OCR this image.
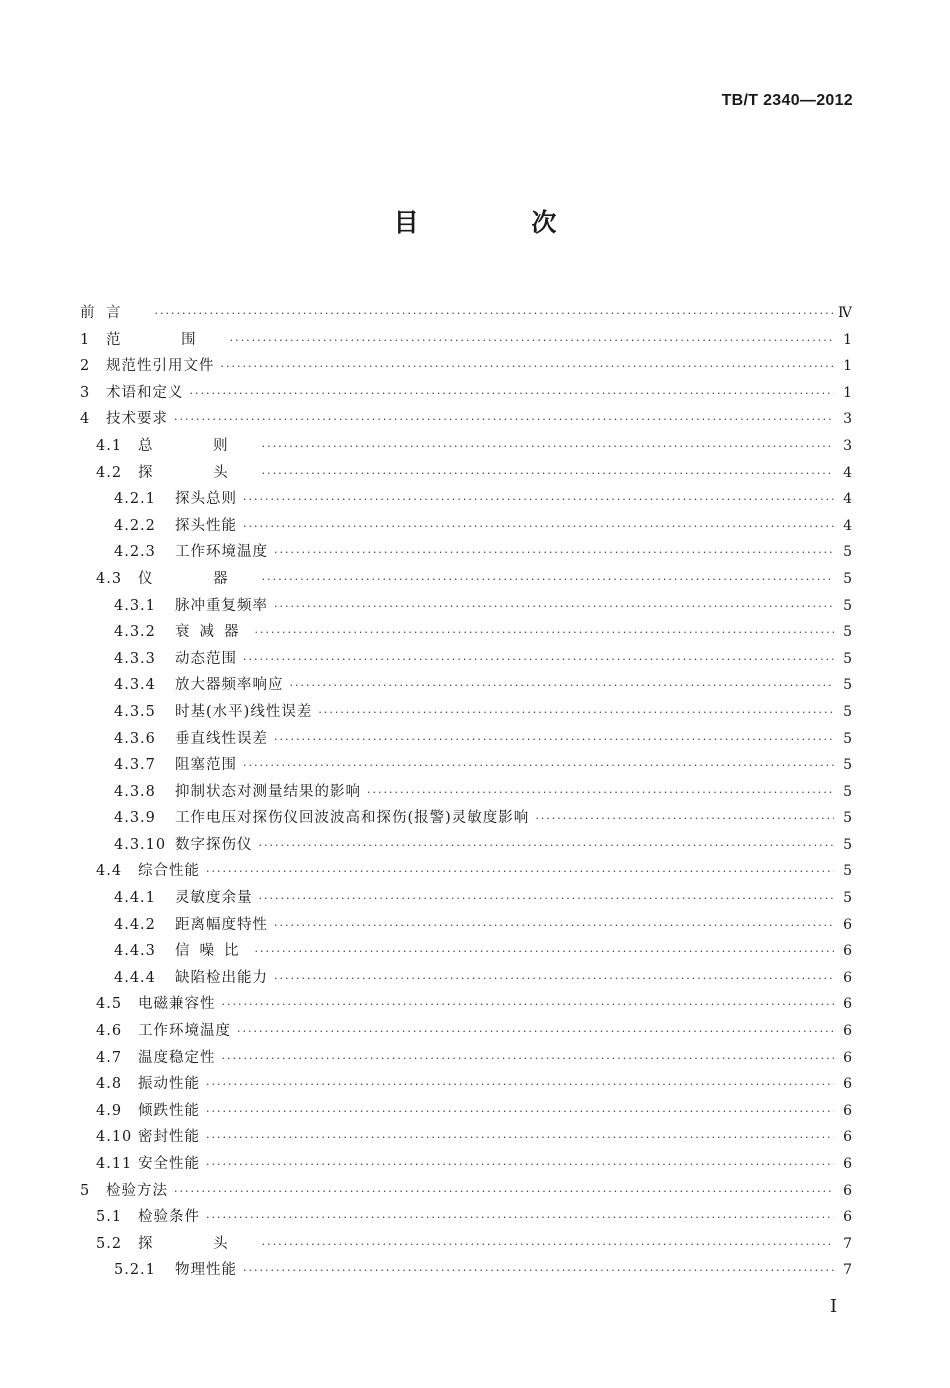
TB/T 2340—2012
目 次
前 言 ·····	Ⅳ
1	范 围 ·····	1
2	规范性引用文件 ·····	1
3	术语和定义 ·····	1
4	技术要求 ·····	3
4.1	总 则 ·····	3
4.2	探 头 ·····	4
4.2.1	探头总则 ·····	4
4.2.2	探头性能 ·····	4
4.2.3	工作环境温度 ·····	5
4.3	仪 器 ·····	5
4.3.1	脉冲重复频率 ·····	5
4.3.2	衰减器 ·····	5
4.3.3	动态范围 ·····	5
4.3.4	放大器频率响应 ·····	5
4.3.5	时基(水平)线性误差 ·····	5
4.3.6	垂直线性误差 ·····	5
4.3.7	阻塞范围 ·····	5
4.3.8	抑制状态对测量结果的影响 ·····	5
4.3.9	工作电压对探伤仪回波波高和探伤(报警)灵敏度影响 ·····	5
4.3.10 数字探伤仪 ·····	5
4.4	综合性能 ·····	5
4.4.1	灵敏度余量 ·····	5
4.4.2	距离幅度特性 ·····	6
4.4.3	信噪比 ·····	6
4.4.4	缺陷检出能力 ·····	6
4.5	电磁兼容性 ·····	6
4.6	工作环境温度 ·····	6
4.7	温度稳定性 ·····	6
4.8	振动性能 ·····	6
4.9	倾跌性能 ·····	6
4.10 密封性能 ·····	6
4.11 安全性能 ·····	6
5	检验方法 ·····	6
5.1	检验条件 ·····	6
5.2	探 头 ·····	7
5.2.1	物理性能 ·····	7
I
